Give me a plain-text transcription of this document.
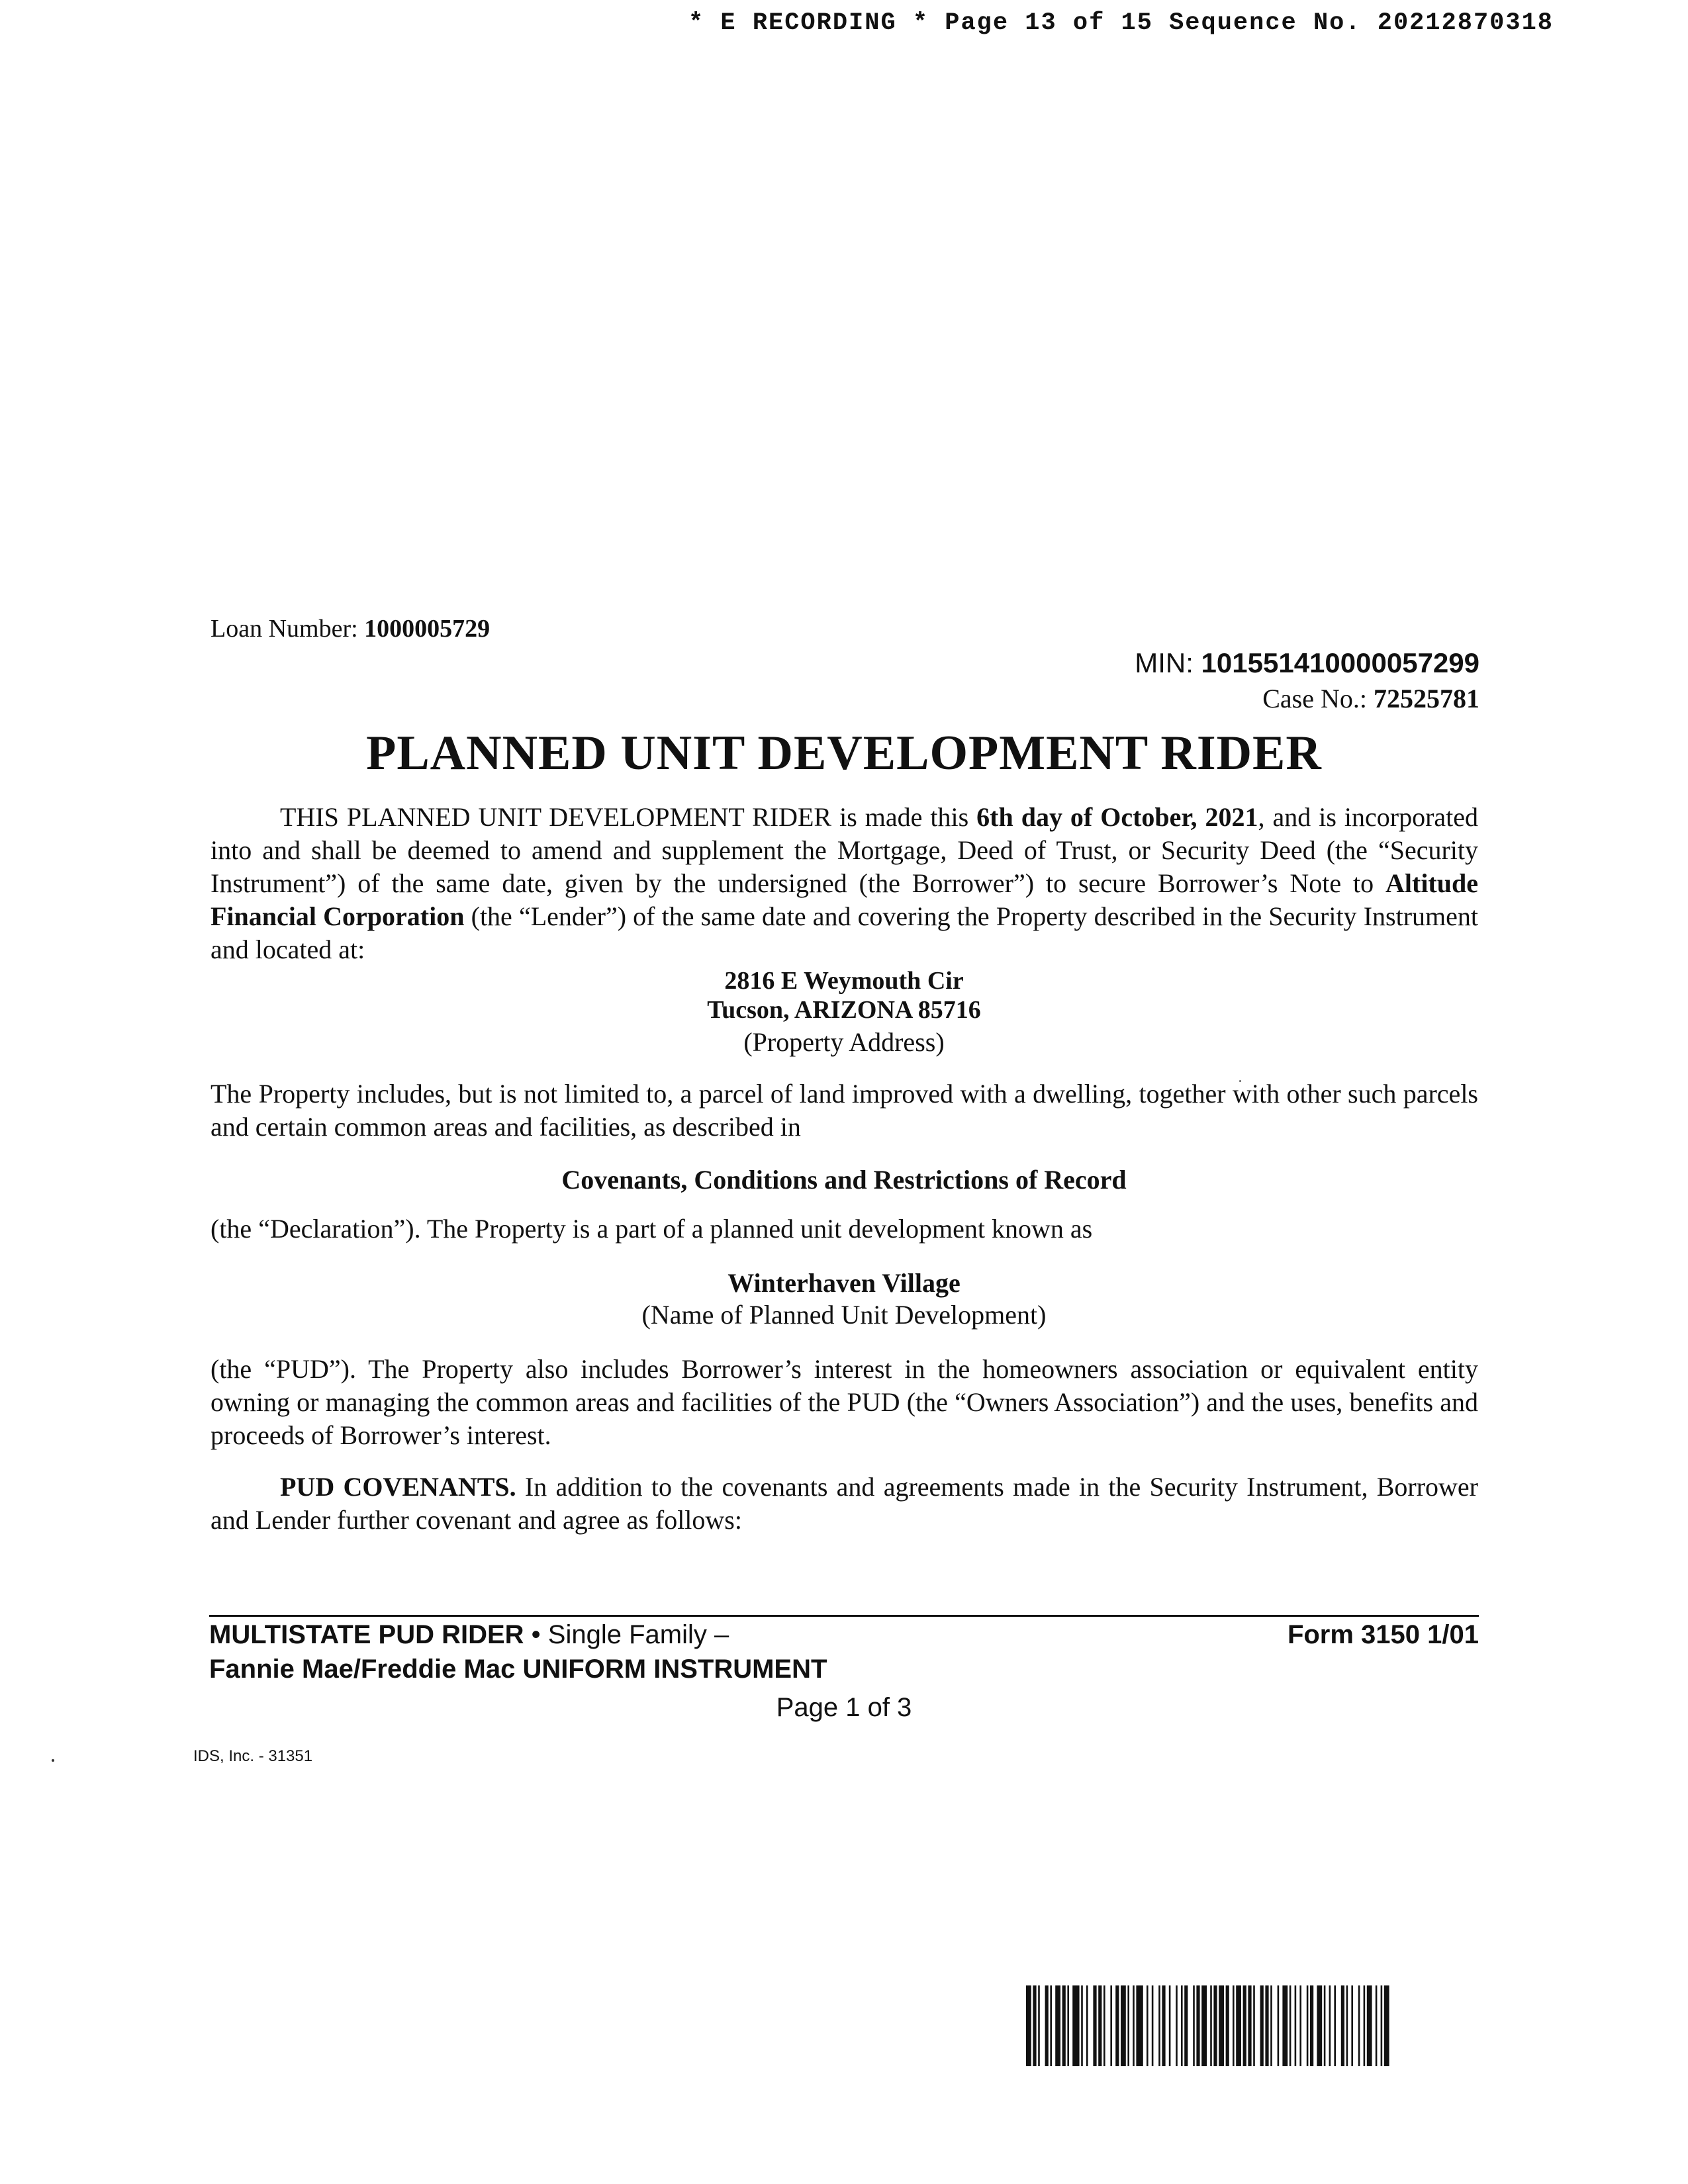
* E RECORDING * Page 13 of 15 Sequence No. 20212870318
Loan Number: 1000005729
MIN: 101551410000057299
Case No.: 72525781
PLANNED UNIT DEVELOPMENT RIDER

THIS PLANNED UNIT DEVELOPMENT RIDER is made this 6th day of October, 2021, and is incorporated into and shall be deemed to amend and supplement the Mortgage, Deed of Trust, or Security Deed (the “Security Instrument”) of the same date, given by the undersigned (the Borrower”) to secure Borrower’s Note to Altitude Financial Corporation (the “Lender”) of the same date and covering the Property described in the Security Instrument and located at:

2816 E Weymouth Cir
Tucson, ARIZONA 85716
(Property Address)

The Property includes, but is not limited to, a parcel of land improved with a dwelling, together with other such parcels and certain common areas and facilities, as described in

Covenants, Conditions and Restrictions of Record

(the “Declaration”). The Property is a part of a planned unit development known as

Winterhaven Village
(Name of Planned Unit Development)

(the “PUD”). The Property also includes Borrower’s interest in the homeowners association or equivalent entity owning or managing the common areas and facilities of the PUD (the “Owners Association”) and the uses, benefits and proceeds of Borrower’s interest.

PUD COVENANTS. In addition to the covenants and agreements made in the Security Instrument, Borrower and Lender further covenant and agree as follows:

MULTISTATE PUD RIDER • Single Family –
Fannie Mae/Freddie Mac UNIFORM INSTRUMENT
Form 3150 1/01
Page 1 of 3
IDS, Inc. - 31351
